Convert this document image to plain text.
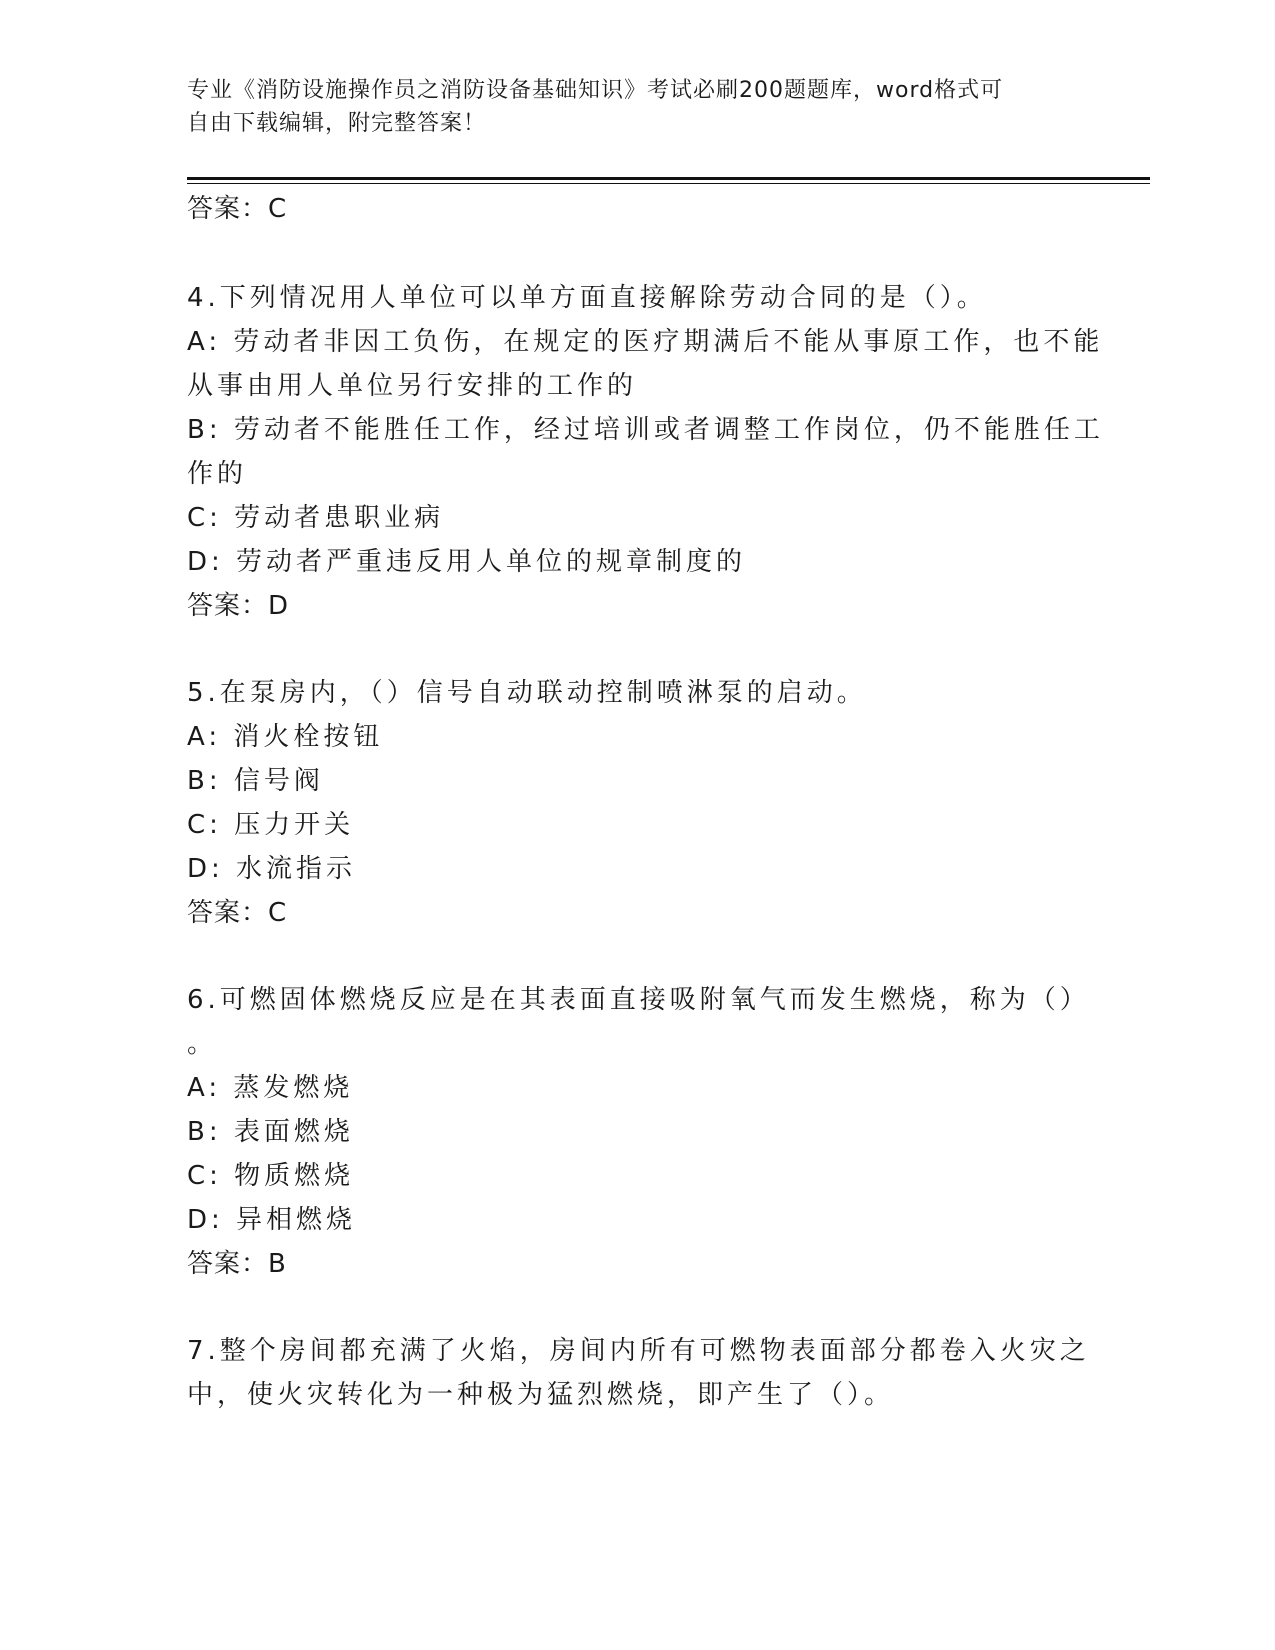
专业《消防设施操作员之消防设备基础知识》考试必刷200题题库，word格式可
自由下载编辑，附完整答案！
答案：C
4.下列情况用人单位可以单方面直接解除劳动合同的是（）。
A: 劳动者非因工负伤，在规定的医疗期满后不能从事原工作，也不能
从事由用人单位另行安排的工作的
B: 劳动者不能胜任工作，经过培训或者调整工作岗位，仍不能胜任工
作的
C: 劳动者患职业病
D: 劳动者严重违反用人单位的规章制度的
答案：D
5.在泵房内，（）信号自动联动控制喷淋泵的启动。
A: 消火栓按钮
B: 信号阀
C: 压力开关
D: 水流指示
答案：C
6.可燃固体燃烧反应是在其表面直接吸附氧气而发生燃烧，称为（）
。
A: 蒸发燃烧
B: 表面燃烧
C: 物质燃烧
D: 异相燃烧
答案：B
7.整个房间都充满了火焰，房间内所有可燃物表面部分都卷入火灾之
中，使火灾转化为一种极为猛烈燃烧，即产生了（）。
